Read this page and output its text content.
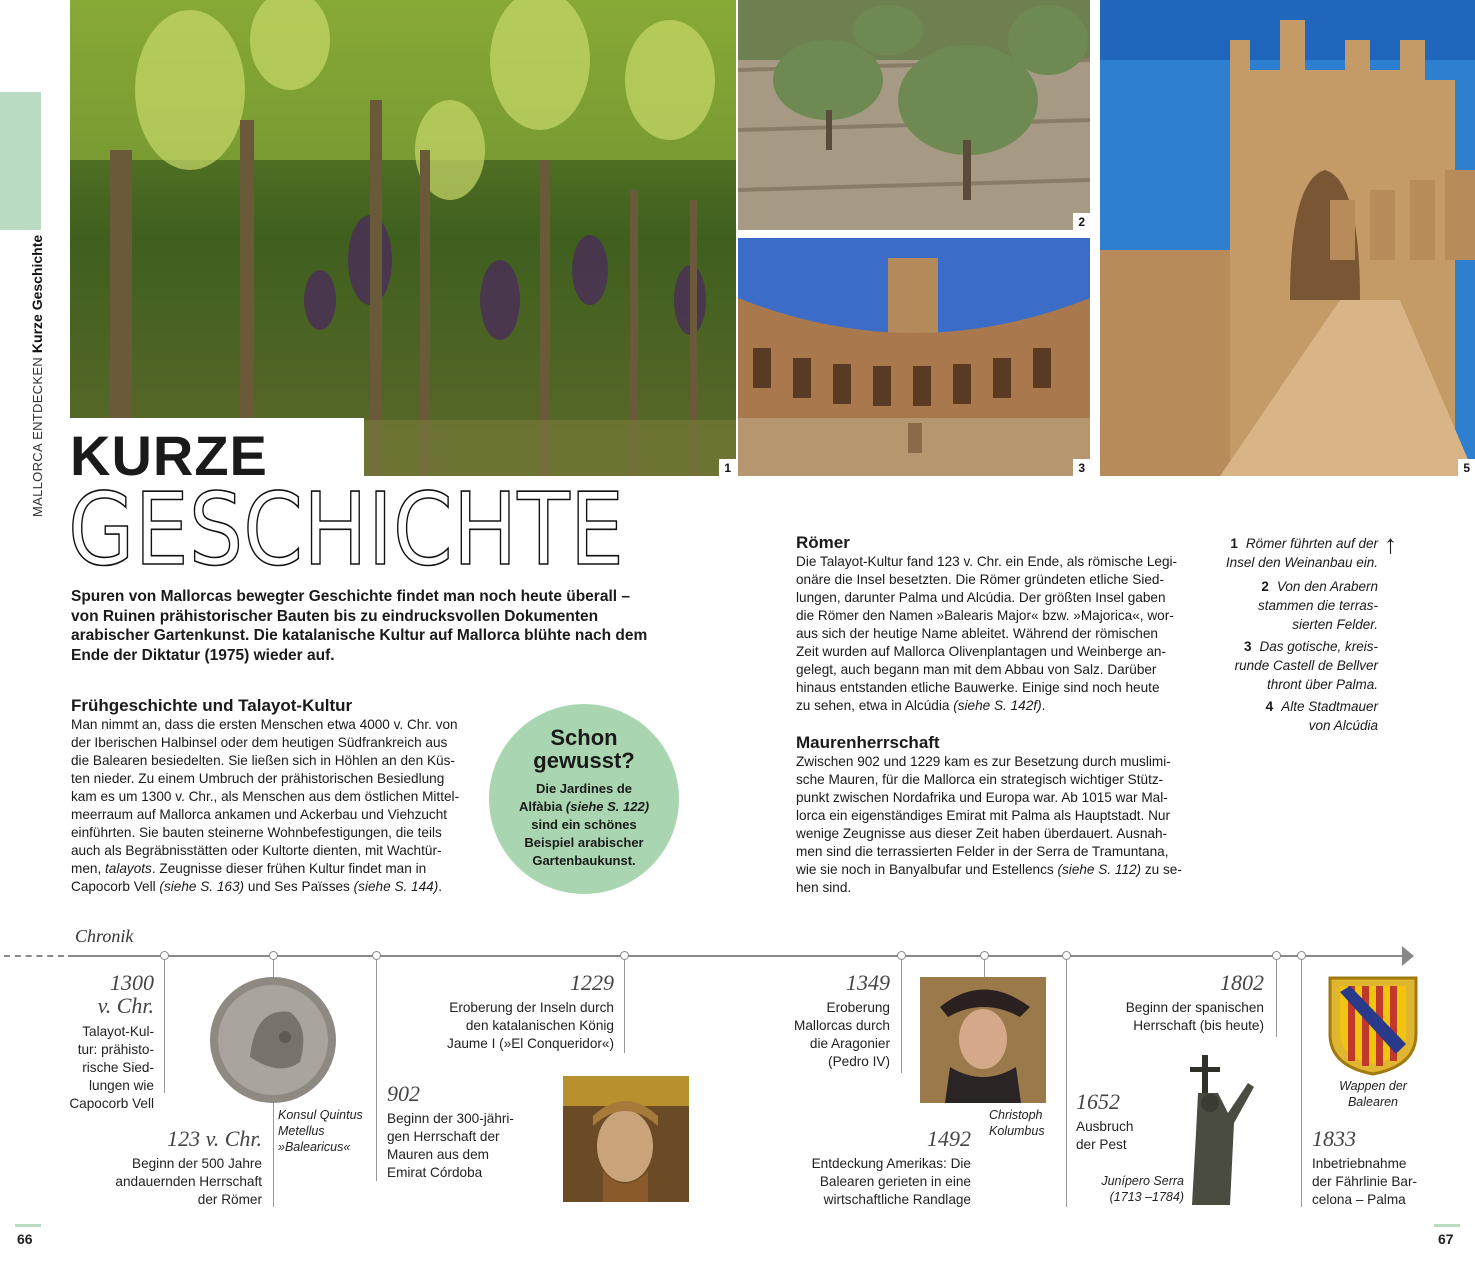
MALLORCA ENTDECKEN Kurze Geschichte
1
2
3	5
KURZE
GESCHICHTE
Spuren von Mallorcas bewegter Geschichte findet man noch heute überall – von Ruinen prähistorischer Bauten bis zu eindrucksvollen Dokumenten arabischer Gartenkunst. Die katalanische Kultur auf Mallorca blühte nach dem Ende der Diktatur (1975) wieder auf.
Frühgeschichte und Talayot-Kultur
Man nimmt an, dass die ersten Menschen etwa 4000 v. Chr. von
der Iberischen Halbinsel oder dem heutigen Südfrankreich aus
die Balearen besiedelten. Sie ließen sich in Höhlen an den Küs-
ten nieder. Zu einem Umbruch der prähistorischen Besiedlung
kam es um 1300 v. Chr., als Menschen aus dem östlichen Mittel-
meerraum auf Mallorca ankamen und Ackerbau und Viehzucht
einführten. Sie bauten steinerne Wohnbefestigungen, die teils
auch als Begräbnisstätten oder Kultorte dienten, mit Wachtür-
men, talayots. Zeugnisse dieser frühen Kultur findet man in
Capocorb Vell (siehe S. 163) und Ses Païsses (siehe S. 144).
Schon
gewusst?
Die Jardines de
Alfàbia (siehe S. 122)
sind ein schönes
Beispiel arabischer
Gartenbaukunst.
Römer
Die Talayot-Kultur fand 123 v. Chr. ein Ende, als römische Legi-
onäre die Insel besetzten. Die Römer gründeten etliche Sied-
lungen, darunter Palma und Alcúdia. Der größten Insel gaben
die Römer den Namen »Balearis Major« bzw. »Majorica«, wor-
aus sich der heutige Name ableitet. Während der römischen
Zeit wurden auf Mallorca Olivenplantagen und Weinberge an-
gelegt, auch begann man mit dem Abbau von Salz. Darüber
hinaus entstanden etliche Bauwerke. Einige sind noch heute
zu sehen, etwa in Alcúdia (siehe S. 142f).
Maurenherrschaft
Zwischen 902 und 1229 kam es zur Besetzung durch muslimi-
sche Mauren, für die Mallorca ein strategisch wichtiger Stütz-
punkt zwischen Nordafrika und Europa war. Ab 1015 war Mal-
lorca ein eigenständiges Emirat mit Palma als Hauptstadt. Nur
wenige Zeugnisse aus dieser Zeit haben überdauert. Ausnah-
men sind die terrassierten Felder in der Serra de Tramuntana,
wie sie noch in Banyalbufar und Estellencs (siehe S. 112) zu se-
hen sind.
1 Römer führten auf der
Insel den Weinanbau ein.
↑
2 Von den Arabern
stammen die terras-
sierten Felder.
3 Das gotische, kreis-
runde Castell de Bellver
thront über Palma.
4 Alte Stadtmauer
von Alcúdia
Chronik
1300
v. Chr.
Talayot-Kul-
tur: prähisto-
rische Sied-
lungen wie
Capocorb Vell
123 v. Chr.
Beginn der 500 Jahre
andauernden Herrschaft
der Römer
Konsul Quintus
Metellus
»Balearicus«
902
Beginn der 300-jähri-
gen Herrschaft der
Mauren aus dem
Emirat Córdoba
1229
Eroberung der Inseln durch
den katalanischen König
Jaume I (»El Conqueridor«)
1349
Eroberung
Mallorcas durch
die Aragonier
(Pedro IV)
Christoph
Kolumbus
1492
Entdeckung Amerikas: Die
Balearen gerieten in eine
wirtschaftliche Randlage
1652
Ausbruch
der Pest
Junípero Serra
(1713 –1784)
1802
Beginn der spanischen
Herrschaft (bis heute)
Wappen der
Balearen
1833
Inbetriebnahme
der Fährlinie Bar-
celona – Palma
66	67
